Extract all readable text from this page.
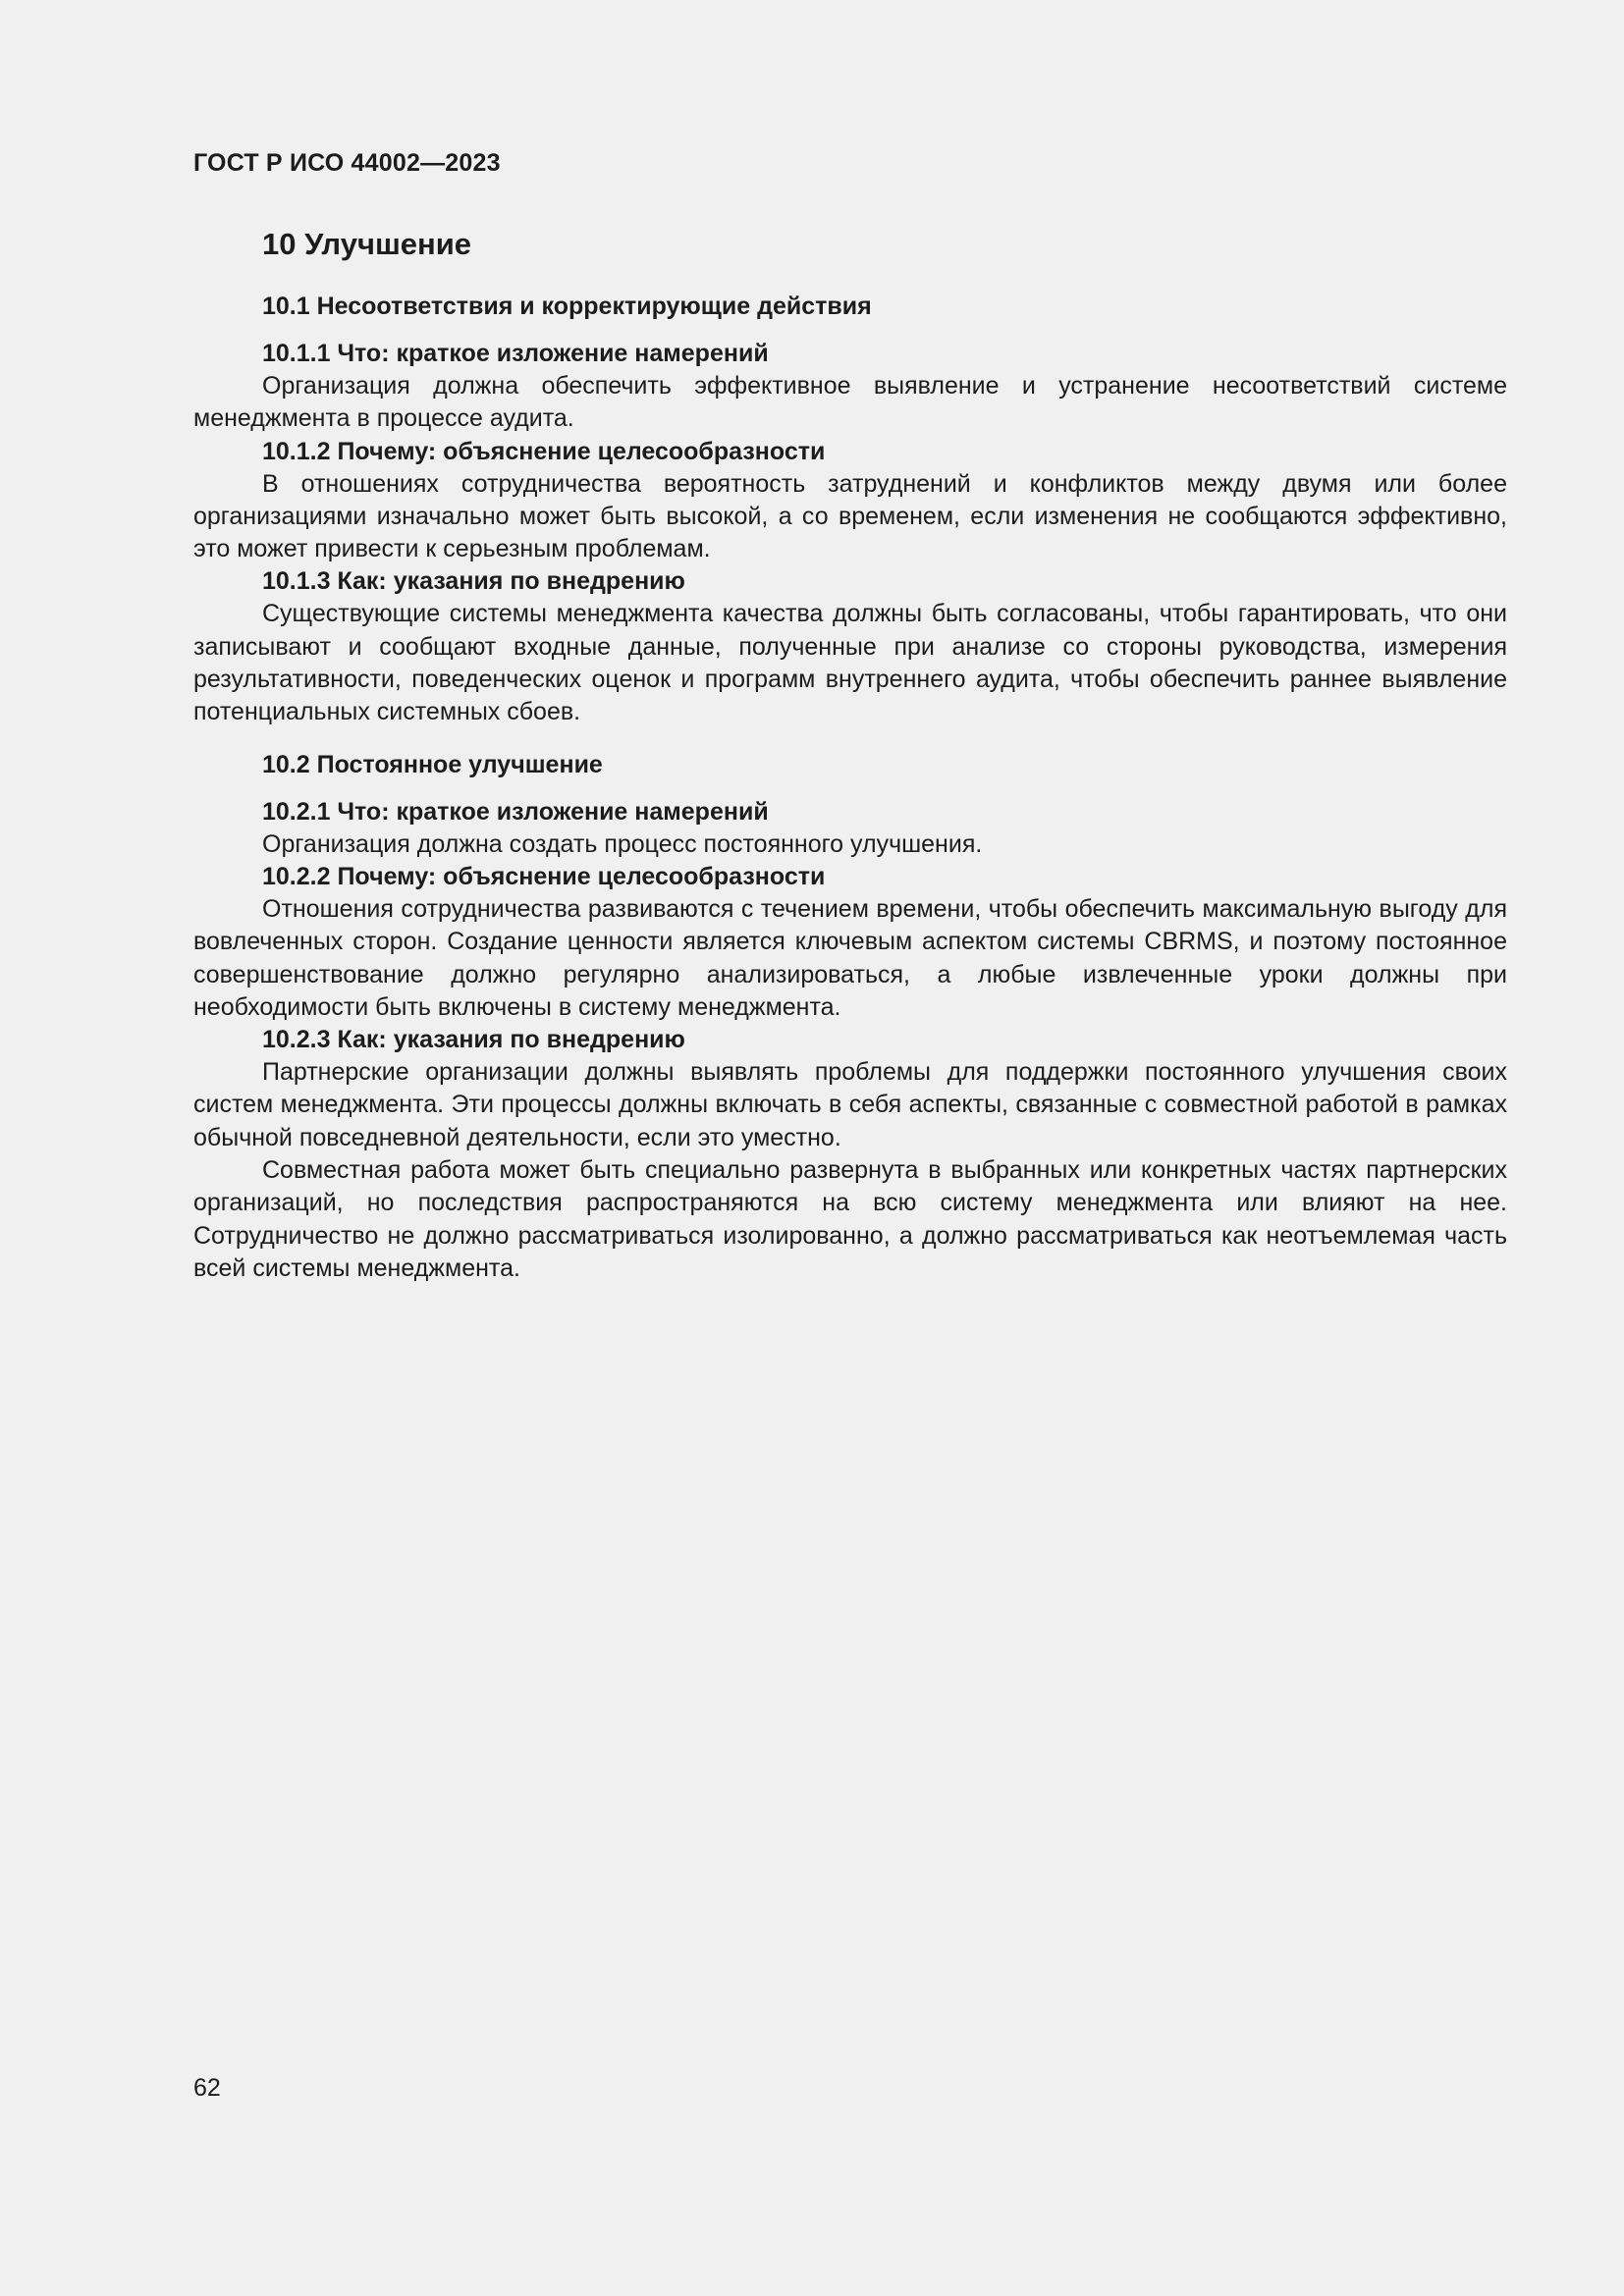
ГОСТ Р ИСО 44002—2023
10 Улучшение
10.1 Несоответствия и корректирующие действия
10.1.1 Что: краткое изложение намерений

Организация должна обеспечить эффективное выявление и устранение несоответствий системе менеджмента в процессе аудита.

10.1.2 Почему: объяснение целесообразности

В отношениях сотрудничества вероятность затруднений и конфликтов между двумя или более организациями изначально может быть высокой, а со временем, если изменения не сообщаются эффективно, это может привести к серьезным проблемам.

10.1.3 Как: указания по внедрению

Существующие системы менеджмента качества должны быть согласованы, чтобы гарантировать, что они записывают и сообщают входные данные, полученные при анализе со стороны руководства, измерения результативности, поведенческих оценок и программ внутреннего аудита, чтобы обеспечить раннее выявление потенциальных системных сбоев.

10.2 Постоянное улучшение
10.2.1 Что: краткое изложение намерений

Организация должна создать процесс постоянного улучшения.

10.2.2 Почему: объяснение целесообразности

Отношения сотрудничества развиваются с течением времени, чтобы обеспечить максимальную выгоду для вовлеченных сторон. Создание ценности является ключевым аспектом системы CBRMS, и поэтому постоянное совершенствование должно регулярно анализироваться, а любые извлеченные уроки должны при необходимости быть включены в систему менеджмента.

10.2.3 Как: указания по внедрению

Партнерские организации должны выявлять проблемы для поддержки постоянного улучшения своих систем менеджмента. Эти процессы должны включать в себя аспекты, связанные с совместной работой в рамках обычной повседневной деятельности, если это уместно.

Совместная работа может быть специально развернута в выбранных или конкретных частях партнерских организаций, но последствия распространяются на всю систему менеджмента или влияют на нее. Сотрудничество не должно рассматриваться изолированно, а должно рассматриваться как неотъемлемая часть всей системы менеджмента.

62
